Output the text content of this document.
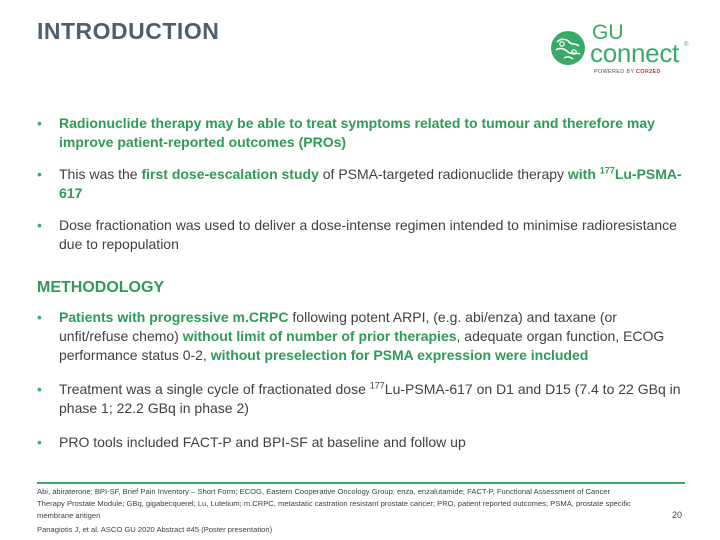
INTRODUCTION	GU
connect ®
POWERED BY COR2ED
• Radionuclide therapy may be able to treat symptoms related to tumour and therefore may improve patient-reported outcomes (PROs)
• This was the first dose-escalation study of PSMA-targeted radionuclide therapy with $^{177}$Lu-PSMA-617
• Dose fractionation was used to deliver a dose-intense regimen intended to minimise radioresistance due to repopulation
METHODOLOGY
• Patients with progressive m.CRPC following potent ARPI, (e.g. abi/enza) and taxane (or unfit/refuse chemo) without limit of number of prior therapies, adequate organ function, ECOG performance status 0-2, without preselection for PSMA expression were included
• Treatment was a single cycle of fractionated dose $^{177}$Lu-PSMA-617 on D1 and D15 (7.4 to 22 GBq in phase 1; 22.2 GBq in phase 2)
• PRO tools included FACT-P and BPI-SF at baseline and follow up
Abi, abiraterone; BPI-SF, Brief Pain Inventory – Short Form; ECOG, Eastern Cooperative Oncology Group; enza, enzalutamide; FACT-P, Functional Assessment of Cancer Therapy Prostate Module; GBq, gigabecquerel; Lu, Lutetium; m.CRPC, metastatic castration resistant prostate cancer; PRO, patient reported outcomes; PSMA, prostate specific membrane antigen
Panagiotis J, et al. ASCO GU 2020 Abstract #45 (Poster presentation)
20
